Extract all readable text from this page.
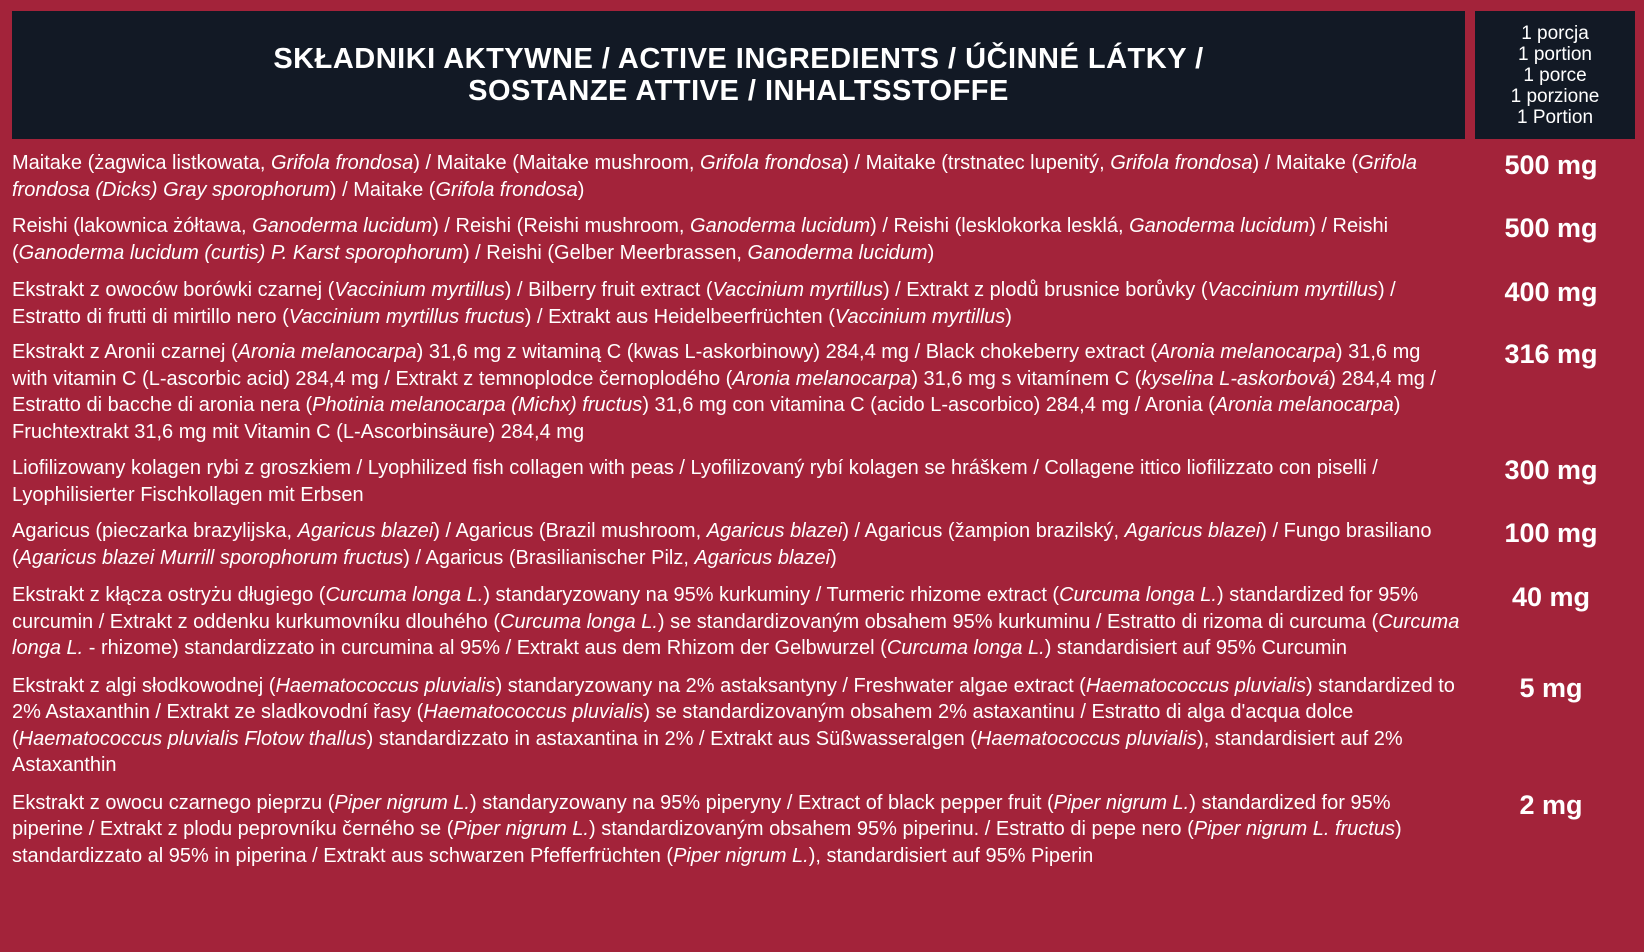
SKŁADNIKI AKTYWNE / ACTIVE INGREDIENTS / ÚČINNÉ LÁTKY /
SOSTANZE ATTIVE / INHALTSSTOFFE
1 porcja
1 portion
1 porce
1 porzione
1 Portion
Maitake (żagwica listkowata, Grifola frondosa) / Maitake (Maitake mushroom, Grifola frondosa) / Maitake (trstnatec lupenitý, Grifola frondosa) / Maitake (Grifola frondosa (Dicks) Gray sporophorum) / Maitake (Grifola frondosa)
500 mg
Reishi (lakownica żółtawa, Ganoderma lucidum) / Reishi (Reishi mushroom, Ganoderma lucidum) / Reishi (lesklokorka lesklá, Ganoderma lucidum) / Reishi (Ganoderma lucidum (curtis) P. Karst sporophorum) / Reishi (Gelber Meerbrassen, Ganoderma lucidum)
500 mg
Ekstrakt z owoców borówki czarnej (Vaccinium myrtillus) / Bilberry fruit extract (Vaccinium myrtillus) / Extrakt z plodů brusnice borůvky (Vaccinium myrtillus) / Estratto di frutti di mirtillo nero (Vaccinium myrtillus fructus) / Extrakt aus Heidelbeerfrüchten (Vaccinium myrtillus)
400 mg
Ekstrakt z Aronii czarnej (Aronia melanocarpa) 31,6 mg z witaminą C (kwas L-askorbinowy) 284,4 mg / Black chokeberry extract (Aronia melanocarpa) 31,6 mg with vitamin C (L-ascorbic acid) 284,4 mg / Extrakt z temnoplodce černoplodého (Aronia melanocarpa) 31,6 mg s vitamínem C (kyselina L-askorbová) 284,4 mg / Estratto di bacche di aronia nera (Photinia melanocarpa (Michx) fructus) 31,6 mg con vitamina C (acido L-ascorbico) 284,4 mg / Aronia (Aronia melanocarpa) Fruchtextrakt 31,6 mg mit Vitamin C (L-Ascorbinsäure) 284,4 mg
316 mg
Liofilizowany kolagen rybi z groszkiem / Lyophilized fish collagen with peas / Lyofilizovaný rybí kolagen se hráškem / Collagene ittico liofilizzato con piselli / Lyophilisierter Fischkollagen mit Erbsen
300 mg
Agaricus (pieczarka brazylijska, Agaricus blazei) / Agaricus (Brazil mushroom, Agaricus blazei) / Agaricus (žampion brazilský, Agaricus blazei) / Fungo brasiliano (Agaricus blazei Murrill sporophorum fructus) / Agaricus (Brasilianischer Pilz, Agaricus blazei)
100 mg
Ekstrakt z kłącza ostryżu długiego (Curcuma longa L.) standaryzowany na 95% kurkuminy / Turmeric rhizome extract (Curcuma longa L.) standardized for 95% curcumin / Extrakt z oddenku kurkumovníku dlouhého (Curcuma longa L.) se standardizovaným obsahem 95% kurkuminu / Estratto di rizoma di curcuma (Curcuma longa L. - rhizome) standardizzato in curcumina al 95% / Extrakt aus dem Rhizom der Gelbwurzel (Curcuma longa L.) standardisiert auf 95% Curcumin
40 mg
Ekstrakt z algi słodkowodnej (Haematococcus pluvialis) standaryzowany na 2% astaksantyny / Freshwater algae extract (Haematococcus pluvialis) standardized to 2% Astaxanthin / Extrakt ze sladkovodní řasy (Haematococcus pluvialis) se standardizovaným obsahem 2% astaxantinu / Estratto di alga d'acqua dolce (Haematococcus pluvialis Flotow thallus) standardizzato in astaxantina in 2% / Extrakt aus Süßwasseralgen (Haematococcus pluvialis), standardisiert auf 2% Astaxanthin
5 mg
Ekstrakt z owocu czarnego pieprzu (Piper nigrum L.) standaryzowany na 95% piperyny / Extract of black pepper fruit (Piper nigrum L.) standardized for 95% piperine / Extrakt z plodu peprovníku černého se (Piper nigrum L.) standardizovaným obsahem 95% piperinu. / Estratto di pepe nero (Piper nigrum L. fructus) standardizzato al 95% in piperina / Extrakt aus schwarzen Pfefferfrüchten (Piper nigrum L.), standardisiert auf 95% Piperin
2 mg
